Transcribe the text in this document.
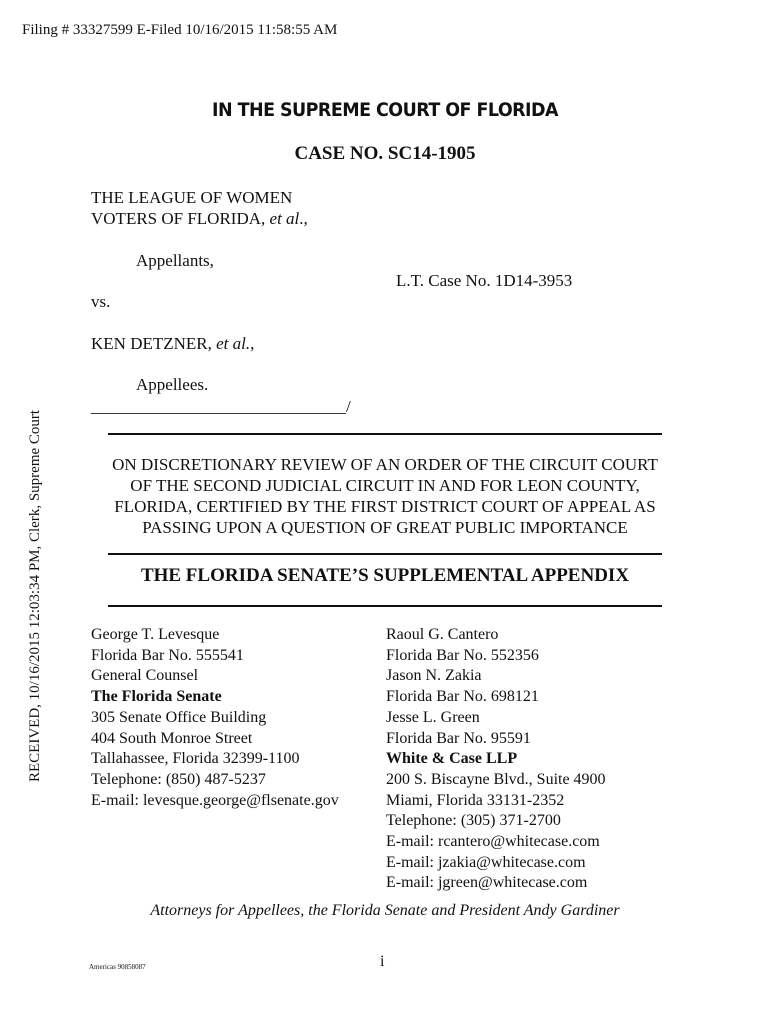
Filing # 33327599 E-Filed 10/16/2015 11:58:55 AM
RECEIVED, 10/16/2015 12:03:34 PM, Clerk, Supreme Court
IN THE SUPREME COURT OF FLORIDA
CASE NO. SC14-1905
THE LEAGUE OF WOMEN
VOTERS OF FLORIDA, et al.,
Appellants,
L.T. Case No. 1D14-3953
vs.
KEN DETZNER, et al.,
Appellees.
______________________________/
ON DISCRETIONARY REVIEW OF AN ORDER OF THE CIRCUIT COURT
OF THE SECOND JUDICIAL CIRCUIT IN AND FOR LEON COUNTY,
FLORIDA, CERTIFIED BY THE FIRST DISTRICT COURT OF APPEAL AS
PASSING UPON A QUESTION OF GREAT PUBLIC IMPORTANCE
THE FLORIDA SENATE’S SUPPLEMENTAL APPENDIX
George T. Levesque
Florida Bar No. 555541
General Counsel
The Florida Senate
305 Senate Office Building
404 South Monroe Street
Tallahassee, Florida 32399-1100
Telephone: (850) 487-5237
E-mail: levesque.george@flsenate.gov
Raoul G. Cantero
Florida Bar No. 552356
Jason N. Zakia
Florida Bar No. 698121
Jesse L. Green
Florida Bar No. 95591
White & Case LLP
200 S. Biscayne Blvd., Suite 4900
Miami, Florida 33131-2352
Telephone: (305) 371-2700
E-mail: rcantero@whitecase.com
E-mail: jzakia@whitecase.com
E-mail: jgreen@whitecase.com
Attorneys for Appellees, the Florida Senate and President Andy Gardiner
Americas 90858087	i
